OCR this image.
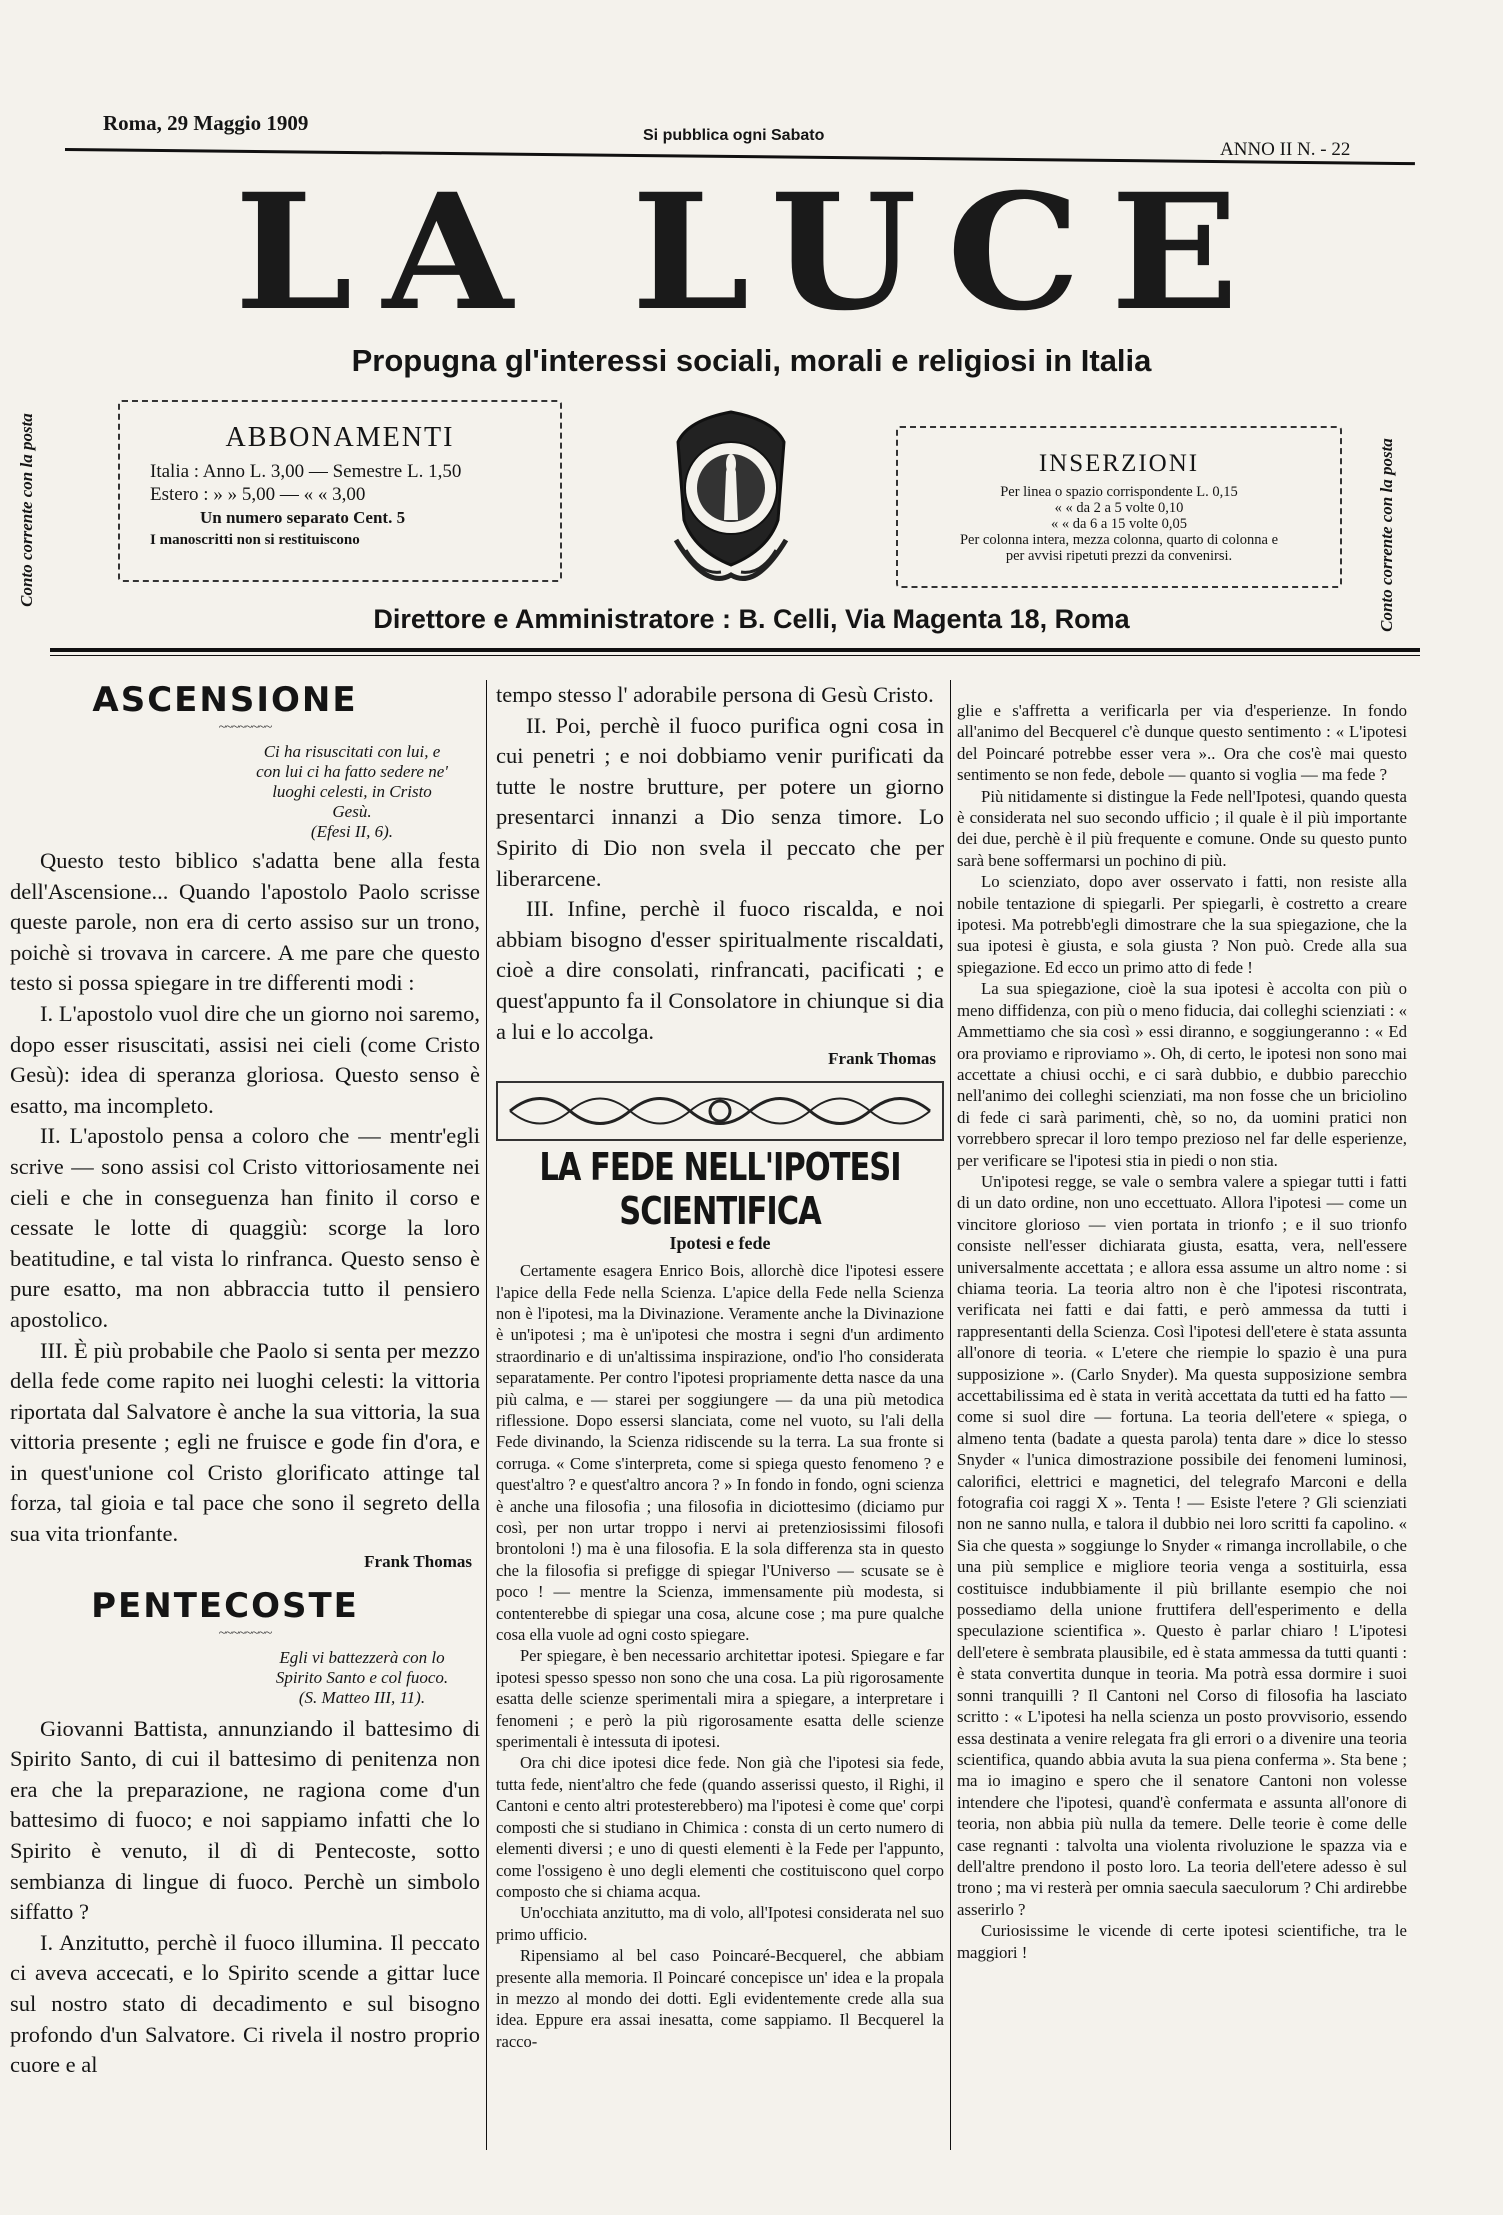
Roma, 29 Maggio 1909
Si pubblica ogni Sabato
ANNO II N. - 22
LA LUCE
Propugna gl'interessi sociali, morali e religiosi in Italia
Conto corrente con la posta	Conto corrente con la posta
ABBONAMENTI
Italia : Anno L. 3,00 — Semestre L. 1,50
Estero : » » 5,00 — « « 3,00
Un numero separato Cent. 5
I manoscritti non si restituiscono
INSERZIONI
Per linea o spazio corrispondente L. 0,15
« « da 2 a 5 volte 0,10
« « da 6 a 15 volte 0,05
Per colonna intera, mezza colonna, quarto di colonna e
per avvisi ripetuti prezzi da convenirsi.
Direttore e Amministratore : B. Celli, Via Magenta 18, Roma
ASCENSIONE
~~~~~~~~
Ci ha risuscitati con lui, e con lui ci ha fatto sedere ne' luoghi celesti, in Cristo Gesù.
(Efesi II, 6).

Questo testo biblico s'adatta bene alla festa dell'Ascensione... Quando l'apostolo Paolo scrisse queste parole, non era di certo assiso sur un trono, poichè si trovava in carcere. A me pare che questo testo si possa spiegare in tre differenti modi :

I. L'apostolo vuol dire che un giorno noi saremo, dopo esser risuscitati, assisi nei cieli (come Cristo Gesù): idea di speranza gloriosa. Questo senso è esatto, ma incompleto.

II. L'apostolo pensa a coloro che — mentr'egli scrive — sono assisi col Cristo vittoriosamente nei cieli e che in conseguenza han finito il corso e cessate le lotte di quaggiù: scorge la loro beatitudine, e tal vista lo rinfranca. Questo senso è pure esatto, ma non abbraccia tutto il pensiero apostolico.

III. È più probabile che Paolo si senta per mezzo della fede come rapito nei luoghi celesti: la vittoria riportata dal Salvatore è anche la sua vittoria, la sua vittoria presente ; egli ne fruisce e gode fin d'ora, e in quest'unione col Cristo glorificato attinge tal forza, tal gioia e tal pace che sono il segreto della sua vita trionfante.

Frank Thomas
PENTECOSTE
~~~~~~~~
Egli vi battezzerà con lo Spirito Santo e col fuoco.
(S. Matteo III, 11).

Giovanni Battista, annunziando il battesimo di Spirito Santo, di cui il battesimo di penitenza non era che la preparazione, ne ragiona come d'un battesimo di fuoco; e noi sappiamo infatti che lo Spirito è venuto, il dì di Pentecoste, sotto sembianza di lingue di fuoco. Perchè un simbolo siffatto ?

I. Anzitutto, perchè il fuoco illumina. Il peccato ci aveva accecati, e lo Spirito scende a gittar luce sul nostro stato di decadimento e sul bisogno profondo d'un Salvatore. Ci rivela il nostro proprio cuore e al

tempo stesso l' adorabile persona di Gesù Cristo.

II. Poi, perchè il fuoco purifica ogni cosa in cui penetri ; e noi dobbiamo venir purificati da tutte le nostre brutture, per potere un giorno presentarci innanzi a Dio senza timore. Lo Spirito di Dio non svela il peccato che per liberarcene.

III. Infine, perchè il fuoco riscalda, e noi abbiam bisogno d'esser spiritualmente riscaldati, cioè a dire consolati, rinfrancati, pacificati ; e quest'appunto fa il Consolatore in chiunque si dia a lui e lo accolga.

Frank Thomas
LA FEDE NELL'IPOTESI SCIENTIFICA
Ipotesi e fede

Certamente esagera Enrico Bois, allorchè dice l'ipotesi essere l'apice della Fede nella Scienza. L'apice della Fede nella Scienza non è l'ipotesi, ma la Divinazione. Veramente anche la Divinazione è un'ipotesi ; ma è un'ipotesi che mostra i segni d'un ardimento straordinario e di un'altissima inspirazione, ond'io l'ho considerata separatamente. Per contro l'ipotesi propriamente detta nasce da una più calma, e — starei per soggiungere — da una più metodica riflessione. Dopo essersi slanciata, come nel vuoto, su l'ali della Fede divinando, la Scienza ridiscende su la terra. La sua fronte si corruga. « Come s'interpreta, come si spiega questo fenomeno ? e quest'altro ? e quest'altro ancora ? » In fondo in fondo, ogni scienza è anche una filosofia ; una filosofia in diciottesimo (diciamo pur così, per non urtar troppo i nervi ai pretenziosissimi filosofi brontoloni !) ma è una filosofia. E la sola differenza sta in questo che la filosofia si prefigge di spiegar l'Universo — scusate se è poco ! — mentre la Scienza, immensamente più modesta, si contenterebbe di spiegar una cosa, alcune cose ; ma pure qualche cosa ella vuole ad ogni costo spiegare.

Per spiegare, è ben necessario architettar ipotesi. Spiegare e far ipotesi spesso spesso non sono che una cosa. La più rigorosamente esatta delle scienze sperimentali mira a spiegare, a interpretare i fenomeni ; e però la più rigorosamente esatta delle scienze sperimentali è intessuta di ipotesi.

Ora chi dice ipotesi dice fede. Non già che l'ipotesi sia fede, tutta fede, nient'altro che fede (quando asserissi questo, il Righi, il Cantoni e cento altri protesterebbero) ma l'ipotesi è come que' corpi composti che si studiano in Chimica : consta di un certo numero di elementi diversi ; e uno di questi elementi è la Fede per l'appunto, come l'ossigeno è uno degli elementi che costituiscono quel corpo composto che si chiama acqua.

Un'occhiata anzitutto, ma di volo, all'Ipotesi considerata nel suo primo ufficio.

Ripensiamo al bel caso Poincaré-Becquerel, che abbiam presente alla memoria. Il Poincaré concepisce un' idea e la propala in mezzo al mondo dei dotti. Egli evidentemente crede alla sua idea. Eppure era assai inesatta, come sappiamo. Il Becquerel la racco-

glie e s'affretta a verificarla per via d'esperienze. In fondo all'animo del Becquerel c'è dunque questo sentimento : « L'ipotesi del Poincaré potrebbe esser vera ».. Ora che cos'è mai questo sentimento se non fede, debole — quanto si voglia — ma fede ?

Più nitidamente si distingue la Fede nell'Ipotesi, quando questa è considerata nel suo secondo ufficio ; il quale è il più importante dei due, perchè è il più frequente e comune. Onde su questo punto sarà bene soffermarsi un pochino di più.

Lo scienziato, dopo aver osservato i fatti, non resiste alla nobile tentazione di spiegarli. Per spiegarli, è costretto a creare ipotesi. Ma potrebb'egli dimostrare che la sua spiegazione, che la sua ipotesi è giusta, e sola giusta ? Non può. Crede alla sua spiegazione. Ed ecco un primo atto di fede !

La sua spiegazione, cioè la sua ipotesi è accolta con più o meno diffidenza, con più o meno fiducia, dai colleghi scienziati : « Ammettiamo che sia così » essi diranno, e soggiungeranno : « Ed ora proviamo e riproviamo ». Oh, di certo, le ipotesi non sono mai accettate a chiusi occhi, e ci sarà dubbio, e dubbio parecchio nell'animo dei colleghi scienziati, ma non fosse che un briciolino di fede ci sarà parimenti, chè, so no, da uomini pratici non vorrebbero sprecar il loro tempo prezioso nel far delle esperienze, per verificare se l'ipotesi stia in piedi o non stia.

Un'ipotesi regge, se vale o sembra valere a spiegar tutti i fatti di un dato ordine, non uno eccettuato. Allora l'ipotesi — come un vincitore glorioso — vien portata in trionfo ; e il suo trionfo consiste nell'esser dichiarata giusta, esatta, vera, nell'essere universalmente accettata ; e allora essa assume un altro nome : si chiama teoria. La teoria altro non è che l'ipotesi riscontrata, verificata nei fatti e dai fatti, e però ammessa da tutti i rappresentanti della Scienza. Così l'ipotesi dell'etere è stata assunta all'onore di teoria. « L'etere che riempie lo spazio è una pura supposizione ». (Carlo Snyder). Ma questa supposizione sembra accettabilissima ed è stata in verità accettata da tutti ed ha fatto — come si suol dire — fortuna. La teoria dell'etere « spiega, o almeno tenta (badate a questa parola) tenta dare » dice lo stesso Snyder « l'unica dimostrazione possibile dei fenomeni luminosi, caloriﬁci, elettrici e magnetici, del telegrafo Marconi e della fotografia coi raggi X ». Tenta ! — Esiste l'etere ? Gli scienziati non ne sanno nulla, e talora il dubbio nei loro scritti fa capolino. « Sia che questa » soggiunge lo Snyder « rimanga incrollabile, o che una più semplice e migliore teoria venga a sostituirla, essa costituisce indubbiamente il più brillante esempio che noi possediamo della unione fruttifera dell'esperimento e della speculazione scientifica ». Questo è parlar chiaro ! L'ipotesi dell'etere è sembrata plausibile, ed è stata ammessa da tutti quanti : è stata convertita dunque in teoria. Ma potrà essa dormire i suoi sonni tranquilli ? Il Cantoni nel Corso di filosofia ha lasciato scritto : « L'ipotesi ha nella scienza un posto provvisorio, essendo essa destinata a venire relegata fra gli errori o a divenire una teoria scientifica, quando abbia avuta la sua piena conferma ». Sta bene ; ma io imagino e spero che il senatore Cantoni non volesse intendere che l'ipotesi, quand'è confermata e assunta all'onore di teoria, non abbia più nulla da temere. Delle teorie è come delle case regnanti : talvolta una violenta rivoluzione le spazza via e dell'altre prendono il posto loro. La teoria dell'etere adesso è sul trono ; ma vi resterà per omnia saecula saeculorum ? Chi ardirebbe asserirlo ?

Curiosissime le vicende di certe ipotesi scientifiche, tra le maggiori !
